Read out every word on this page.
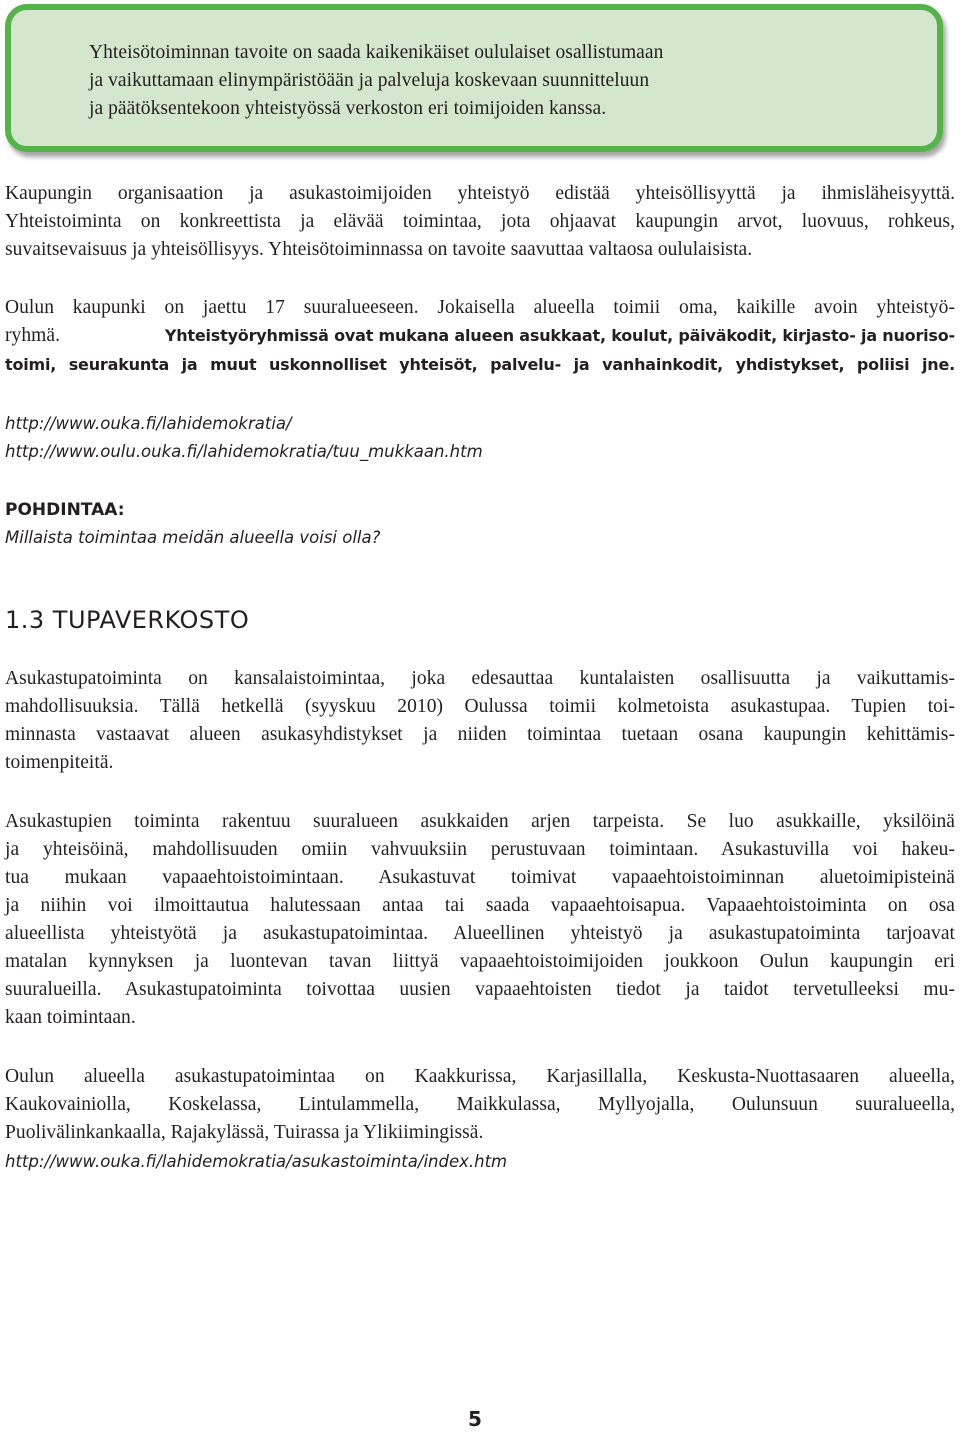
Yhteisötoiminnan tavoite on saada kaikenikäiset oululaiset osallistumaan

ja vaikuttamaan elinympäristöään ja palveluja koskevaan suunnitteluun

ja päätöksentekoon yhteistyössä verkoston eri toimijoiden kanssa.

Kaupungin organisaation ja asukastoimijoiden yhteistyö edistää yhteisöllisyyttä ja ihmisläheisyyttä.

Yhteistoiminta on konkreettista ja elävää toimintaa, jota ohjaavat kaupungin arvot, luovuus, rohkeus,

suvaitsevaisuus ja yhteisöllisyys. Yhteisötoiminnassa on tavoite saavuttaa valtaosa oululaisista.

Oulun kaupunki on jaettu 17 suuralueeseen. Jokaisella alueella toimii oma, kaikille avoin yhteistyö-

ryhmä.	Yhteistyöryhmissä ovat mukana alueen asukkaat, koulut, päiväkodit, kirjasto- ja nuoriso-

toimi, seurakunta ja muut uskonnolliset yhteisöt, palvelu- ja vanhainkodit, yhdistykset, poliisi jne.

http://www.ouka.fi/lahidemokratia/
http://www.oulu.ouka.fi/lahidemokratia/tuu_mukkaan.htm

POHDINTAA:

Millaista toimintaa meidän alueella voisi olla?

1.3 TUPAVERKOSTO

Asukastupatoiminta on kansalaistoimintaa, joka edesauttaa kuntalaisten osallisuutta ja vaikuttamis-

mahdollisuuksia. Tällä hetkellä (syyskuu 2010) Oulussa toimii kolmetoista asukastupaa. Tupien toi-

minnasta vastaavat alueen asukasyhdistykset ja niiden toimintaa tuetaan osana kaupungin kehittämis-

toimenpiteitä.

Asukastupien toiminta rakentuu suuralueen asukkaiden arjen tarpeista. Se luo asukkaille, yksilöinä

ja yhteisöinä, mahdollisuuden omiin vahvuuksiin perustuvaan toimintaan. Asukastuvilla voi hakeu-

tua mukaan vapaaehtoistoimintaan. Asukastuvat toimivat vapaaehtoistoiminnan aluetoimipisteinä

ja niihin voi ilmoittautua halutessaan antaa tai saada vapaaehtoisapua. Vapaaehtoistoiminta on osa

alueellista yhteistyötä ja asukastupatoimintaa. Alueellinen yhteistyö ja asukastupatoiminta tarjoavat

matalan kynnyksen ja luontevan tavan liittyä vapaaehtoistoimijoiden joukkoon Oulun kaupungin eri

suuralueilla. Asukastupatoiminta toivottaa uusien vapaaehtoisten tiedot ja taidot tervetulleeksi mu-

kaan toimintaan.

Oulun alueella asukastupatoimintaa on Kaakkurissa, Karjasillalla, Keskusta-Nuottasaaren alueella,

Kaukovainiolla, Koskelassa, Lintulammella, Maikkulassa, Myllyojalla, Oulunsuun suuralueella,

Puolivälinkankaalla, Rajakylässä, Tuirassa ja Ylikiimingissä.

http://www.ouka.fi/lahidemokratia/asukastoiminta/index.htm
5
